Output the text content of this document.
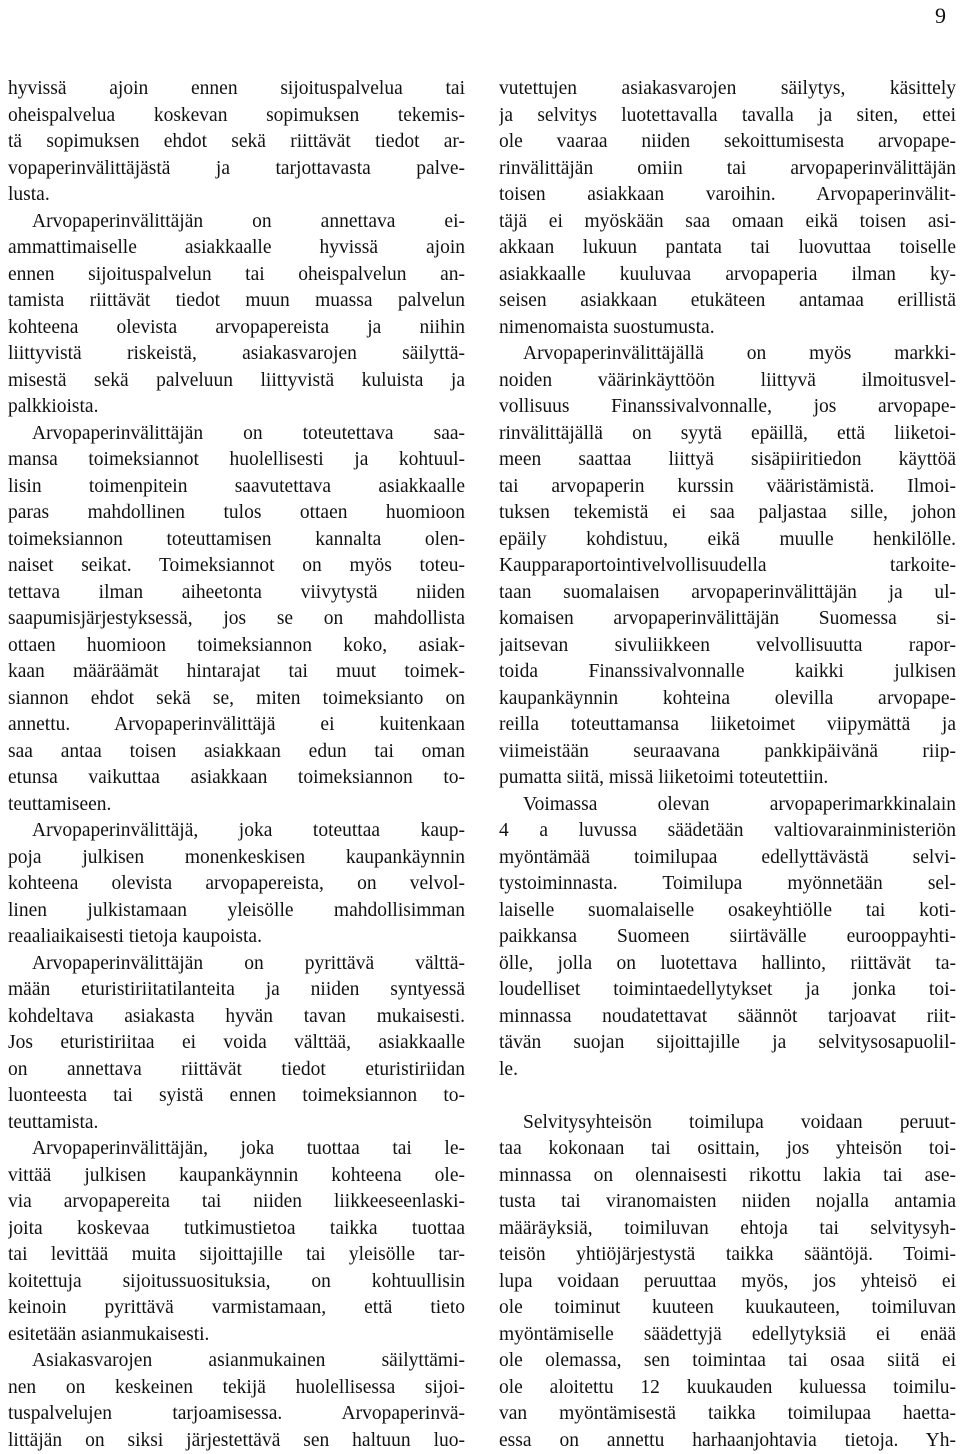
9
hyvissä ajoin ennen sijoituspalvelua tai
oheispalvelua koskevan sopimuksen tekemis-
tä sopimuksen ehdot sekä riittävät tiedot ar-
vopaperinvälittäjästä ja tarjottavasta palve-
lusta.
Arvopaperinvälittäjän on annettava ei-
ammattimaiselle asiakkaalle hyvissä ajoin
ennen sijoituspalvelun tai oheispalvelun an-
tamista riittävät tiedot muun muassa palvelun
kohteena olevista arvopapereista ja niihin
liittyvistä riskeistä, asiakasvarojen säilyttä-
misestä sekä palveluun liittyvistä kuluista ja
palkkioista.
Arvopaperinvälittäjän on toteutettava saa-
mansa toimeksiannot huolellisesti ja kohtuul-
lisin toimenpitein saavutettava asiakkaalle
paras mahdollinen tulos ottaen huomioon
toimeksiannon toteuttamisen kannalta olen-
naiset seikat. Toimeksiannot on myös toteu-
tettava ilman aiheetonta viivytystä niiden
saapumisjärjestyksessä, jos se on mahdollista
ottaen huomioon toimeksiannon koko, asiak-
kaan määräämät hintarajat tai muut toimek-
siannon ehdot sekä se, miten toimeksianto on
annettu. Arvopaperinvälittäjä ei kuitenkaan
saa antaa toisen asiakkaan edun tai oman
etunsa vaikuttaa asiakkaan toimeksiannon to-
teuttamiseen.
Arvopaperinvälittäjä, joka toteuttaa kaup-
poja julkisen monenkeskisen kaupankäynnin
kohteena olevista arvopapereista, on velvol-
linen julkistamaan yleisölle mahdollisimman
reaaliaikaisesti tietoja kaupoista.
Arvopaperinvälittäjän on pyrittävä välttä-
mään eturistiriitatilanteita ja niiden syntyessä
kohdeltava asiakasta hyvän tavan mukaisesti.
Jos eturistiriitaa ei voida välttää, asiakkaalle
on annettava riittävät tiedot eturistiriidan
luonteesta tai syistä ennen toimeksiannon to-
teuttamista.
Arvopaperinvälittäjän, joka tuottaa tai le-
vittää julkisen kaupankäynnin kohteena ole-
via arvopapereita tai niiden liikkeeseenlaski-
joita koskevaa tutkimustietoa taikka tuottaa
tai levittää muita sijoittajille tai yleisölle tar-
koitettuja sijoitussuosituksia, on kohtuullisin
keinoin pyrittävä varmistamaan, että tieto
esitetään asianmukaisesti.
Asiakasvarojen asianmukainen säilyttämi-
nen on keskeinen tekijä huolellisessa sijoi-
tuspalvelujen tarjoamisessa. Arvopaperinvä-
littäjän on siksi järjestettävä sen haltuun luo-
vutettujen asiakasvarojen säilytys, käsittely
ja selvitys luotettavalla tavalla ja siten, ettei
ole vaaraa niiden sekoittumisesta arvopape-
rinvälittäjän omiin tai arvopaperinvälittäjän
toisen asiakkaan varoihin. Arvopaperinvälit-
täjä ei myöskään saa omaan eikä toisen asi-
akkaan lukuun pantata tai luovuttaa toiselle
asiakkaalle kuuluvaa arvopaperia ilman ky-
seisen asiakkaan etukäteen antamaa erillistä
nimenomaista suostumusta.
Arvopaperinvälittäjällä on myös markki-
noiden väärinkäyttöön liittyvä ilmoitusvel-
vollisuus Finanssivalvonnalle, jos arvopape-
rinvälittäjällä on syytä epäillä, että liiketoi-
meen saattaa liittyä sisäpiiritiedon käyttöä
tai arvopaperin kurssin vääristämistä. Ilmoi-
tuksen tekemistä ei saa paljastaa sille, johon
epäily kohdistuu, eikä muulle henkilölle.
Kaupparaportointivelvollisuudella tarkoite-
taan suomalaisen arvopaperinvälittäjän ja ul-
komaisen arvopaperinvälittäjän Suomessa si-
jaitsevan sivuliikkeen velvollisuutta rapor-
toida Finanssivalvonnalle kaikki julkisen
kaupankäynnin kohteina olevilla arvopape-
reilla toteuttamansa liiketoimet viipymättä ja
viimeistään seuraavana pankkipäivänä riip-
pumatta siitä, missä liiketoimi toteutettiin.
Voimassa olevan arvopaperimarkkinalain
4 a luvussa säädetään valtiovarainministeriön
myöntämää toimilupaa edellyttävästä selvi-
tystoiminnasta. Toimilupa myönnetään sel-
laiselle suomalaiselle osakeyhtiölle tai koti-
paikkansa Suomeen siirtävälle eurooppayhti-
ölle, jolla on luotettava hallinto, riittävät ta-
loudelliset toimintaedellytykset ja jonka toi-
minnassa noudatettavat säännöt tarjoavat riit-
tävän suojan sijoittajille ja selvitysosapuolil-
le.
Selvitysyhteisön toimilupa voidaan peruut-
taa kokonaan tai osittain, jos yhteisön toi-
minnassa on olennaisesti rikottu lakia tai ase-
tusta tai viranomaisten niiden nojalla antamia
määräyksiä, toimiluvan ehtoja tai selvitysyh-
teisön yhtiöjärjestystä taikka sääntöjä. Toimi-
lupa voidaan peruuttaa myös, jos yhteisö ei
ole toiminut kuuteen kuukauteen, toimiluvan
myöntämiselle säädettyjä edellytyksiä ei enää
ole olemassa, sen toimintaa tai osaa siitä ei
ole aloitettu 12 kuukauden kuluessa toimilu-
van myöntämisestä taikka toimilupaa haetta-
essa on annettu harhaanjohtavia tietoja. Yh-
